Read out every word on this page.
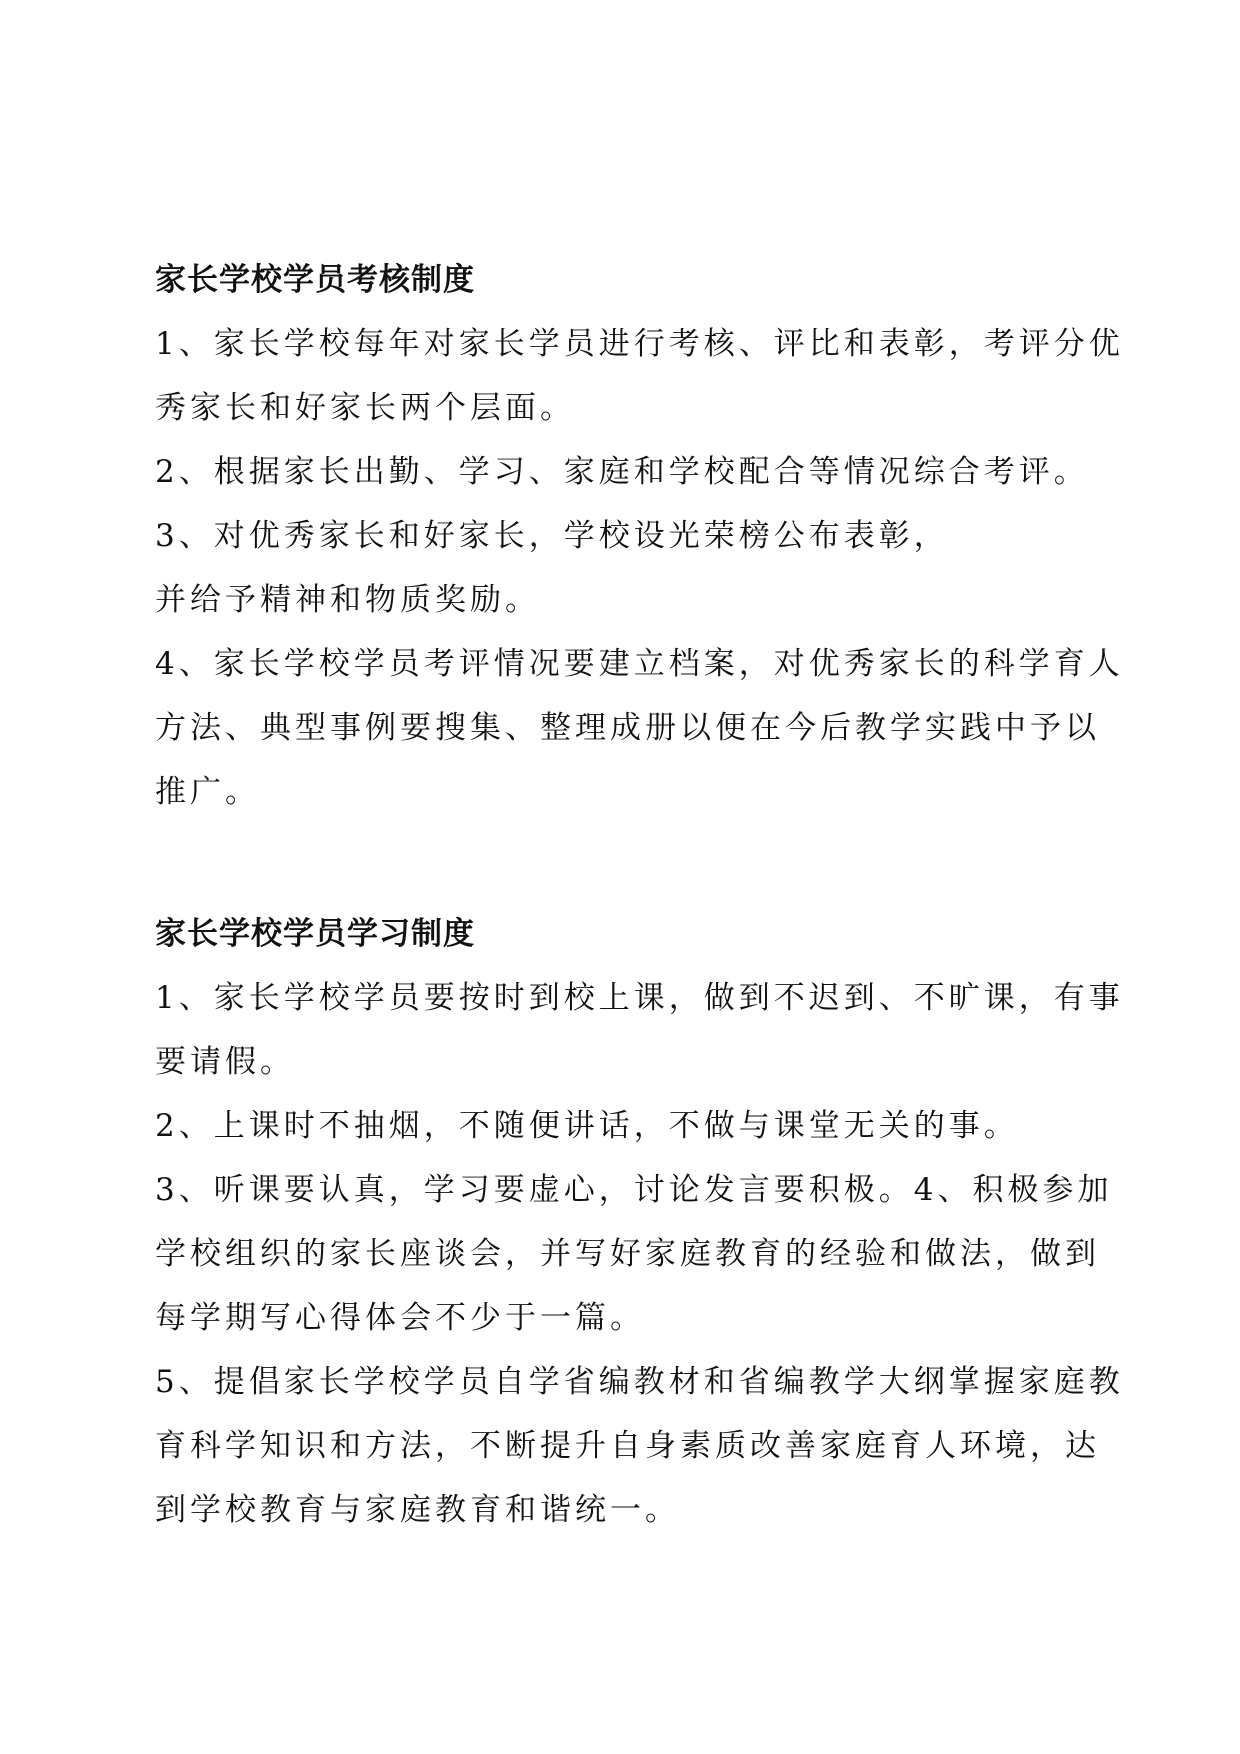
家长学校学员考核制度

1、家长学校每年对家长学员进行考核、评比和表彰，考评分优
秀家长和好家长两个层面。

2、根据家长出勤、学习、家庭和学校配合等情况综合考评。

3、对优秀家长和好家长，学校设光荣榜公布表彰，
并给予精神和物质奖励。

4、家长学校学员考评情况要建立档案，对优秀家长的科学育人
方法、典型事例要搜集、整理成册以便在今后教学实践中予以
推广。

家长学校学员学习制度

1、家长学校学员要按时到校上课，做到不迟到、不旷课，有事
要请假。

2、上课时不抽烟，不随便讲话，不做与课堂无关的事。

3、听课要认真，学习要虚心，讨论发言要积极。4、积极参加
学校组织的家长座谈会，并写好家庭教育的经验和做法，做到
每学期写心得体会不少于一篇。

5、提倡家长学校学员自学省编教材和省编教学大纲掌握家庭教
育科学知识和方法，不断提升自身素质改善家庭育人环境，达
到学校教育与家庭教育和谐统一。
